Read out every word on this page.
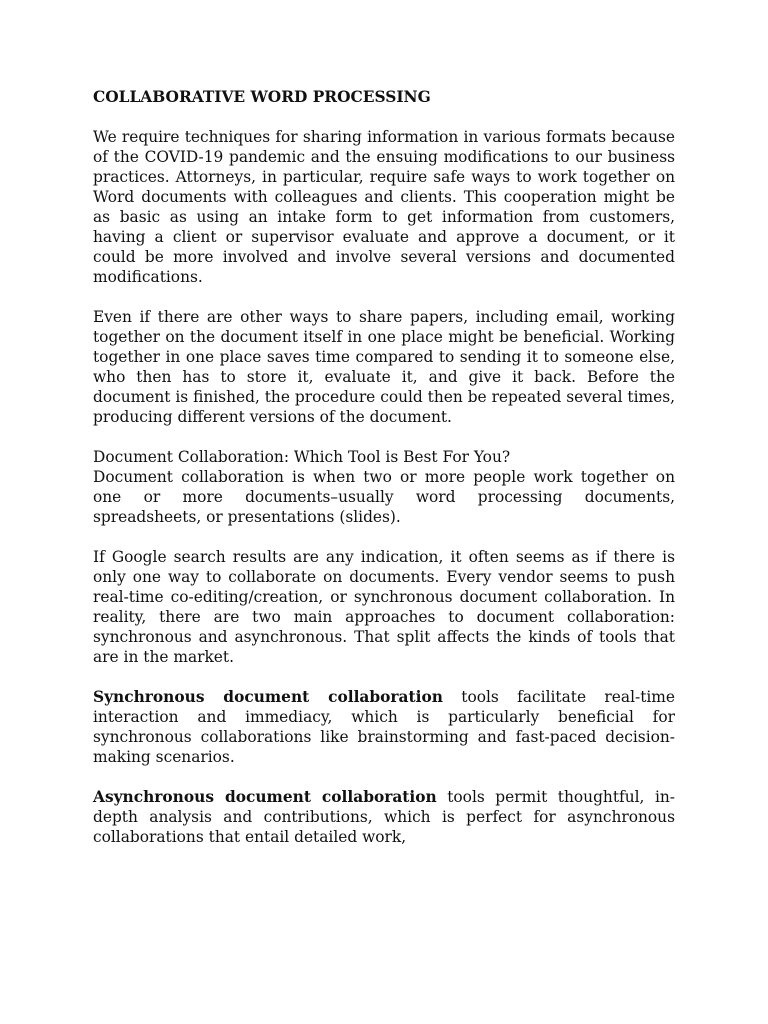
COLLABORATIVE WORD PROCESSING

We require techniques for sharing information in various formats because of the COVID-19 pandemic and the ensuing modifications to our business practices. Attorneys, in particular, require safe ways to work together on Word documents with colleagues and clients. This cooperation might be as basic as using an intake form to get information from customers, having a client or supervisor evaluate and approve a document, or it could be more involved and involve several versions and documented modifications.

Even if there are other ways to share papers, including email, working together on the document itself in one place might be beneficial. Working together in one place saves time compared to sending it to someone else, who then has to store it, evaluate it, and give it back. Before the document is finished, the procedure could then be repeated several times, producing different versions of the document.

Document Collaboration: Which Tool is Best For You?

Document collaboration is when two or more people work together on one or more documents–usually word processing documents, spreadsheets, or presentations (slides).

If Google search results are any indication, it often seems as if there is only one way to collaborate on documents. Every vendor seems to push real-time co-editing/creation, or synchronous document collaboration. In reality, there are two main approaches to document collaboration: synchronous and asynchronous. That split affects the kinds of tools that are in the market.

Synchronous document collaboration tools facilitate real-time interaction and immediacy, which is particularly beneficial for synchronous collaborations like brainstorming and fast-paced decision-making scenarios.

Asynchronous document collaboration tools permit thoughtful, in-depth analysis and contributions, which is perfect for asynchronous collaborations that entail detailed work,
